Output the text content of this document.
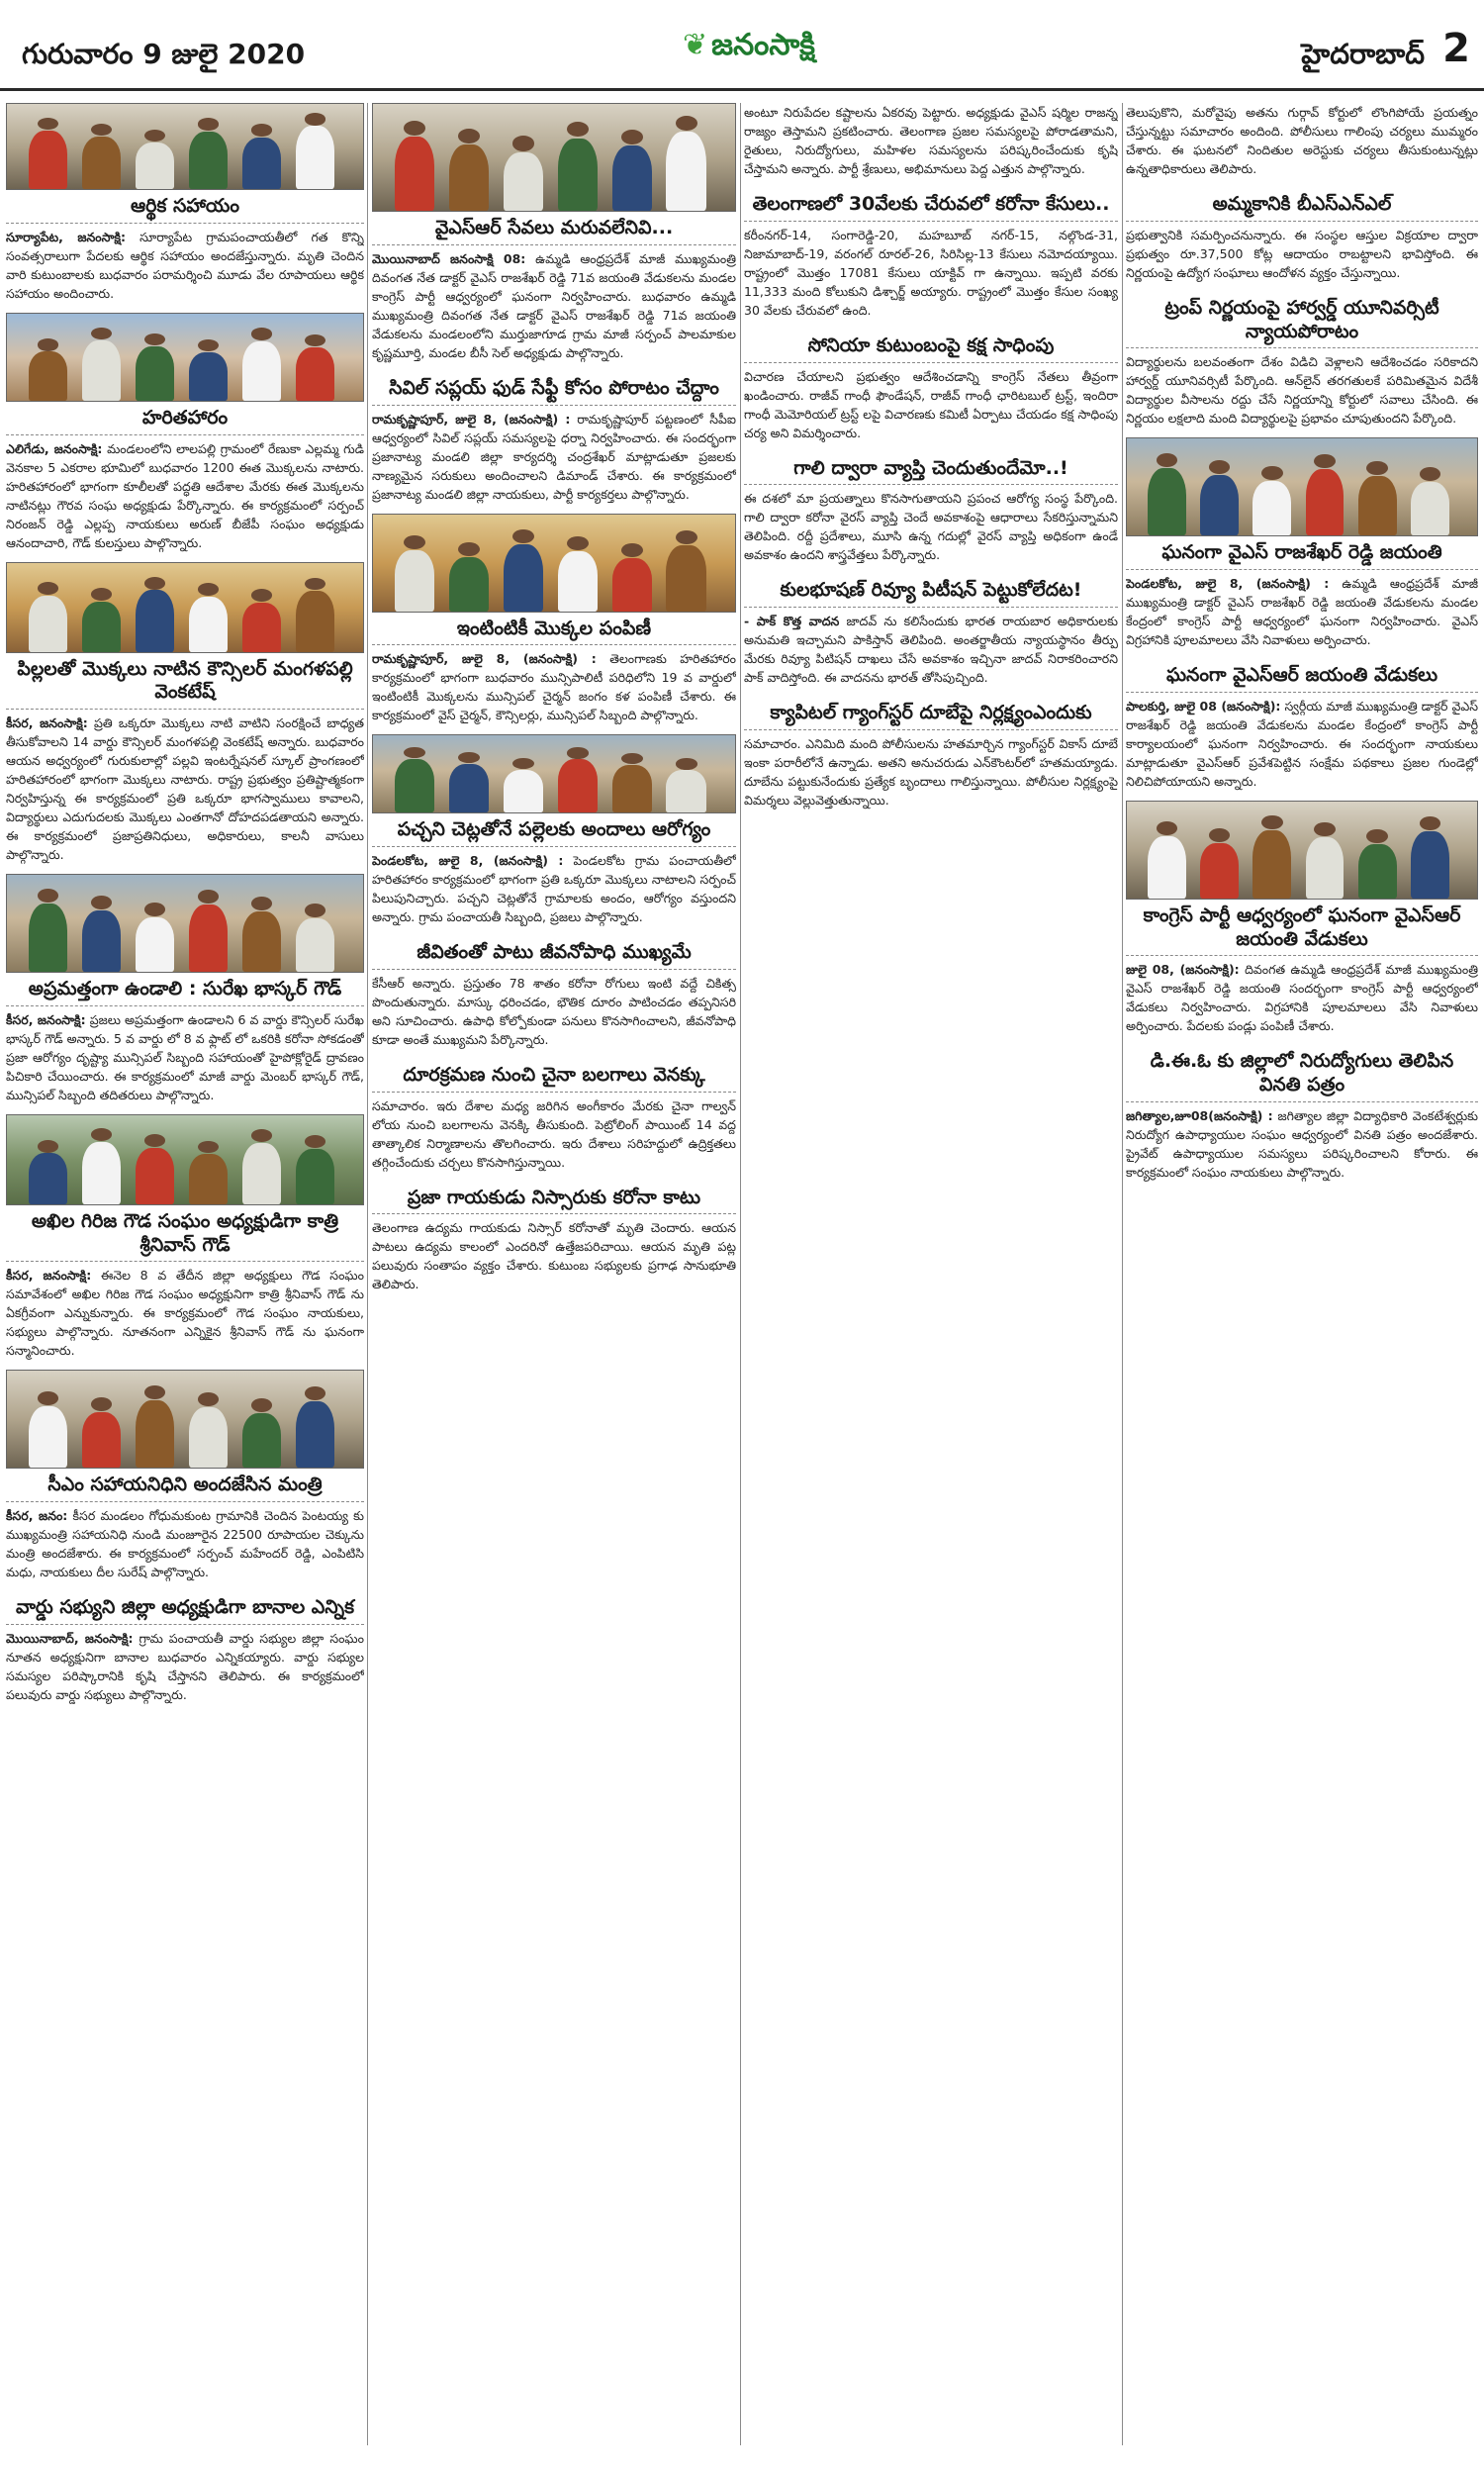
గురువారం 9 జులై 2020	❦ జనంసాక్షి	హైదరాబాద్ 2
ఆర్థిక సహాయం
సూర్యాపేట, జనంసాక్షి: సూర్యాపేట గ్రామపంచాయతీలో గత కొన్ని సంవత్సరాలుగా పేదలకు ఆర్థిక సహాయం అందజేస్తున్నారు. మృతి చెందిన వారి కుటుంబాలకు బుధవారం పరామర్శించి మూడు వేల రూపాయలు ఆర్థిక సహాయం అందించారు.
హరితహారం
ఎలిగేడు, జనంసాక్షి: మండలంలోని లాలపల్లి గ్రామంలో రేణుకా ఎల్లమ్మ గుడి వెనకాల 5 ఎకరాల భూమిలో బుధవారం 1200 ఈత మొక్కలను నాటారు. హరితహారంలో భాగంగా కూలీలతో పద్ధతి ఆదేశాల మేరకు ఈత మొక్కలను నాటినట్లు గౌరవ సంఘ అధ్యక్షుడు పేర్కొన్నారు. ఈ కార్యక్రమంలో సర్పంచ్ నిరంజన్ రెడ్డి ఎల్లప్ప నాయకులు అరుణ్ బీజేపీ సంఘం అధ్యక్షుడు ఆనందాచారి, గౌడ్ కులస్తులు పాల్గొన్నారు.
పిల్లలతో మొక్కలు నాటిన కౌన్సిలర్ మంగళపల్లి వెంకటేష్
కీసర, జనంసాక్షి: ప్రతి ఒక్కరూ మొక్కలు నాటి వాటిని సంరక్షించే బాధ్యత తీసుకోవాలని 14 వార్డు కౌన్సిలర్ మంగళపల్లి వెంకటేష్ అన్నారు. బుధవారం ఆయన అధ్వర్యంలో గురుకులాల్లో పల్లవి ఇంటర్నేషనల్ స్కూల్ ప్రాంగణంలో హరితహారంలో భాగంగా మొక్కలు నాటారు. రాష్ట్ర ప్రభుత్వం ప్రతిష్టాత్మకంగా నిర్వహిస్తున్న ఈ కార్యక్రమంలో ప్రతి ఒక్కరూ భాగస్వాములు కావాలని, విద్యార్థులు ఎదుగుదలకు మొక్కలు ఎంతగానో దోహదపడతాయని అన్నారు. ఈ కార్యక్రమంలో ప్రజాప్రతినిధులు, అధికారులు, కాలనీ వాసులు పాల్గొన్నారు.
అప్రమత్తంగా ఉండాలి : సురేఖ భాస్కర్ గౌడ్
కీసర, జనంసాక్షి: ప్రజలు అప్రమత్తంగా ఉండాలని 6 వ వార్డు కౌన్సిలర్ సురేఖ భాస్కర్ గౌడ్ అన్నారు. 5 వ వార్డు లో 8 వ ఫ్లాట్ లో ఒకరికి కరోనా సోకడంతో ప్రజా ఆరోగ్యం దృష్ట్యా మున్సిపల్ సిబ్బంది సహాయంతో హైపోక్లోరైడ్ ద్రావణం పిచికారి చేయించారు. ఈ కార్యక్రమంలో మాజీ వార్డు మెంబర్ భాస్కర్ గౌడ్, మున్సిపల్ సిబ్బంది తదితరులు పాల్గొన్నారు.
అఖిల గిరిజ గౌడ సంఘం అధ్యక్షుడిగా కాత్రి శ్రీనివాస్ గౌడ్
కీసర, జనంసాక్షి: ఈనెల 8 వ తేదీన జిల్లా అధ్యక్షులు గౌడ సంఘం సమావేశంలో అఖిల గిరిజ గౌడ సంఘం అధ్యక్షునిగా కాత్రి శ్రీనివాస్ గౌడ్ ను ఏకగ్రీవంగా ఎన్నుకున్నారు. ఈ కార్యక్రమంలో గౌడ సంఘం నాయకులు, సభ్యులు పాల్గొన్నారు. నూతనంగా ఎన్నికైన శ్రీనివాస్ గౌడ్ ను ఘనంగా సన్మానించారు.
సీఎం సహాయనిధిని అందజేసిన మంత్రి
కీసర, జనం: కీసర మండలం గోధుమకుంట గ్రామానికి చెందిన పెంటయ్య కు ముఖ్యమంత్రి సహాయనిధి నుండి మంజూరైన 22500 రూపాయల చెక్కును మంత్రి అందజేశారు. ఈ కార్యక్రమంలో సర్పంచ్ మహేందర్ రెడ్డి, ఎంపిటిసి మధు, నాయకులు దీల సురేష్ పాల్గొన్నారు.
వార్డు సభ్యుని జిల్లా అధ్యక్షుడిగా బానాల ఎన్నిక
మొయినాబాద్, జనంసాక్షి: గ్రామ పంచాయతీ వార్డు సభ్యుల జిల్లా సంఘం నూతన అధ్యక్షునిగా బానాల బుధవారం ఎన్నికయ్యారు. వార్డు సభ్యుల సమస్యల పరిష్కారానికి కృషి చేస్తానని తెలిపారు. ఈ కార్యక్రమంలో పలువురు వార్డు సభ్యులు పాల్గొన్నారు.
వైఎస్ఆర్ సేవలు మరువలేనివి...
మొయినాబాద్ జనంసాక్షి 08: ఉమ్మడి ఆంధ్రప్రదేశ్ మాజీ ముఖ్యమంత్రి దివంగత నేత డాక్టర్ వైఎస్ రాజశేఖర్ రెడ్డి 71వ జయంతి వేడుకలను మండల కాంగ్రెస్ పార్టీ ఆధ్వర్యంలో ఘనంగా నిర్వహించారు. బుధవారం ఉమ్మడి ముఖ్యమంత్రి దివంగత నేత డాక్టర్ వైఎస్ రాజశేఖర్ రెడ్డి 71వ జయంతి వేడుకలను మండలంలోని ముర్తుజాగూడ గ్రామ మాజీ సర్పంచ్ పాలమాకుల కృష్ణమూర్తి, మండల బీసీ సెల్ అధ్యక్షుడు పాల్గొన్నారు.
సివిల్ సప్లయ్ ఫుడ్ సేఫ్టీ కోసం పోరాటం చేద్దాం
రామకృష్ణాపూర్, జులై 8, (జనంసాక్షి) : రామకృష్ణాపూర్ పట్టణంలో సీపీఐ ఆధ్వర్యంలో సివిల్ సప్లయ్ సమస్యలపై ధర్నా నిర్వహించారు. ఈ సందర్భంగా ప్రజానాట్య మండలి జిల్లా కార్యదర్శి చంద్రశేఖర్ మాట్లాడుతూ ప్రజలకు నాణ్యమైన సరుకులు అందించాలని డిమాండ్ చేశారు. ఈ కార్యక్రమంలో ప్రజానాట్య మండలి జిల్లా నాయకులు, పార్టీ కార్యకర్తలు పాల్గొన్నారు.
ఇంటింటికీ మొక్కల పంపిణీ
రామకృష్ణాపూర్, జులై 8, (జనంసాక్షి) : తెలంగాణకు హరితహారం కార్యక్రమంలో భాగంగా బుధవారం మున్సిపాలిటీ పరిధిలోని 19 వ వార్డులో ఇంటింటికీ మొక్కలను మున్సిపల్ చైర్మన్ జంగం కళ పంపిణీ చేశారు. ఈ కార్యక్రమంలో వైస్ చైర్మన్, కౌన్సిలర్లు, మున్సిపల్ సిబ్బంది పాల్గొన్నారు.
పచ్చని చెట్లతోనే పల్లెలకు అందాలు ఆరోగ్యం
పెండలకోట, జులై 8, (జనంసాక్షి) : పెండలకోట గ్రామ పంచాయతీలో హరితహారం కార్యక్రమంలో భాగంగా ప్రతి ఒక్కరూ మొక్కలు నాటాలని సర్పంచ్ పిలుపునిచ్చారు. పచ్చని చెట్లతోనే గ్రామాలకు అందం, ఆరోగ్యం వస్తుందని అన్నారు. గ్రామ పంచాయతీ సిబ్బంది, ప్రజలు పాల్గొన్నారు.
జీవితంతో పాటు జీవనోపాధి ముఖ్యమే
కేసీఆర్ అన్నారు. ప్రస్తుతం 78 శాతం కరోనా రోగులు ఇంటి వద్దే చికిత్స పొందుతున్నారు. మాస్కు ధరించడం, భౌతిక దూరం పాటించడం తప్పనిసరి అని సూచించారు. ఉపాధి కోల్పోకుండా పనులు కొనసాగించాలని, జీవనోపాధి కూడా అంతే ముఖ్యమని పేర్కొన్నారు.
దూరక్రమణ నుంచి చైనా బలగాలు వెనక్కు
సమాచారం. ఇరు దేశాల మధ్య జరిగిన అంగీకారం మేరకు చైనా గాల్వన్ లోయ నుంచి బలగాలను వెనక్కి తీసుకుంది. పెట్రోలింగ్ పాయింట్ 14 వద్ద తాత్కాలిక నిర్మాణాలను తొలగించారు. ఇరు దేశాలు సరిహద్దులో ఉద్రిక్తతలు తగ్గించేందుకు చర్చలు కొనసాగిస్తున్నాయి.
ప్రజా గాయకుడు నిస్సారుకు కరోనా కాటు
తెలంగాణ ఉద్యమ గాయకుడు నిస్సార్ కరోనాతో మృతి చెందారు. ఆయన పాటలు ఉద్యమ కాలంలో ఎందరినో ఉత్తేజపరిచాయి. ఆయన మృతి పట్ల పలువురు సంతాపం వ్యక్తం చేశారు. కుటుంబ సభ్యులకు ప్రగాఢ సానుభూతి తెలిపారు.
అంటూ నిరుపేదల కష్టాలను ఏకరవు పెట్టారు. అధ్యక్షుడు వైఎస్ షర్మిల రాజన్న రాజ్యం తెస్తామని ప్రకటించారు. తెలంగాణ ప్రజల సమస్యలపై పోరాడతామని, రైతులు, నిరుద్యోగులు, మహిళల సమస్యలను పరిష్కరించేందుకు కృషి చేస్తామని అన్నారు. పార్టీ శ్రేణులు, అభిమానులు పెద్ద ఎత్తున పాల్గొన్నారు.
తెలంగాణలో 30వేలకు చేరువలో కరోనా కేసులు..
కరీంనగర్-14, సంగారెడ్డి-20, మహబూబ్ నగర్-15, నల్గొండ-31, నిజామాబాద్-19, వరంగల్ రూరల్-26, సిరిసిల్ల-13 కేసులు నమోదయ్యాయి. రాష్ట్రంలో మొత్తం 17081 కేసులు యాక్టివ్ గా ఉన్నాయి. ఇప్పటి వరకు 11,333 మంది కోలుకుని డిశ్చార్జ్ అయ్యారు. రాష్ట్రంలో మొత్తం కేసుల సంఖ్య 30 వేలకు చేరువలో ఉంది.
సోనియా కుటుంబంపై కక్ష సాధింపు
విచారణ చేయాలని ప్రభుత్వం ఆదేశించడాన్ని కాంగ్రెస్ నేతలు తీవ్రంగా ఖండించారు. రాజీవ్ గాంధీ ఫౌండేషన్, రాజీవ్ గాంధీ ఛారిటబుల్ ట్రస్ట్, ఇందిరా గాంధీ మెమోరియల్ ట్రస్ట్ లపై విచారణకు కమిటీ ఏర్పాటు చేయడం కక్ష సాధింపు చర్య అని విమర్శించారు.
గాలి ద్వారా వ్యాప్తి చెందుతుందేమో..!
ఈ దశలో మా ప్రయత్నాలు కొనసాగుతాయని ప్రపంచ ఆరోగ్య సంస్థ పేర్కొంది. గాలి ద్వారా కరోనా వైరస్ వ్యాప్తి చెందే అవకాశంపై ఆధారాలు సేకరిస్తున్నామని తెలిపింది. రద్దీ ప్రదేశాలు, మూసి ఉన్న గదుల్లో వైరస్ వ్యాప్తి అధికంగా ఉండే అవకాశం ఉందని శాస్త్రవేత్తలు పేర్కొన్నారు.
కులభూషణ్ రివ్యూ పిటీషన్ పెట్టుకోలేదట!
- పాక్ కొత్త వాదన జాదవ్ ను కలిసేందుకు భారత రాయబార అధికారులకు అనుమతి ఇచ్చామని పాకిస్తాన్ తెలిపింది. అంతర్జాతీయ న్యాయస్థానం తీర్పు మేరకు రివ్యూ పిటిషన్ దాఖలు చేసే అవకాశం ఇచ్చినా జాదవ్ నిరాకరించారని పాక్ వాదిస్తోంది. ఈ వాదనను భారత్ తోసిపుచ్చింది.
క్యాపిటల్ గ్యాంగ్‌స్టర్ దూబేపై నిర్లక్ష్యంఎందుకు
సమాచారం. ఎనిమిది మంది పోలీసులను హతమార్చిన గ్యాంగ్‌స్టర్ వికాస్ దూబే ఇంకా పరారీలోనే ఉన్నాడు. అతని అనుచరుడు ఎన్‌కౌంటర్‌లో హతమయ్యాడు. దూబేను పట్టుకునేందుకు ప్రత్యేక బృందాలు గాలిస్తున్నాయి. పోలీసుల నిర్లక్ష్యంపై విమర్శలు వెల్లువెత్తుతున్నాయి.
తెలుపుకొని, మరోవైపు అతను గుర్గావ్ కోర్టులో లొంగిపోయే ప్రయత్నం చేస్తున్నట్టు సమాచారం అందింది. పోలీసులు గాలింపు చర్యలు ముమ్మరం చేశారు. ఈ ఘటనలో నిందితుల అరెస్టుకు చర్యలు తీసుకుంటున్నట్లు ఉన్నతాధికారులు తెలిపారు.
అమ్మకానికి బీఎస్ఎన్ఎల్
ప్రభుత్వానికి సమర్పించనున్నారు. ఈ సంస్థల ఆస్తుల విక్రయాల ద్వారా ప్రభుత్వం రూ.37,500 కోట్ల ఆదాయం రాబట్టాలని భావిస్తోంది. ఈ నిర్ణయంపై ఉద్యోగ సంఘాలు ఆందోళన వ్యక్తం చేస్తున్నాయి.
ట్రంప్ నిర్ణయంపై హార్వర్డ్ యూనివర్సిటీ న్యాయపోరాటం
విద్యార్థులను బలవంతంగా దేశం విడిచి వెళ్లాలని ఆదేశించడం సరికాదని హార్వర్డ్ యూనివర్సిటీ పేర్కొంది. ఆన్‌లైన్ తరగతులకే పరిమితమైన విదేశీ విద్యార్థుల వీసాలను రద్దు చేసే నిర్ణయాన్ని కోర్టులో సవాలు చేసింది. ఈ నిర్ణయం లక్షలాది మంది విద్యార్థులపై ప్రభావం చూపుతుందని పేర్కొంది.
ఘనంగా వైఎస్ రాజశేఖర్ రెడ్డి జయంతి
పెండలకోట, జులై 8, (జనంసాక్షి) : ఉమ్మడి ఆంధ్రప్రదేశ్ మాజీ ముఖ్యమంత్రి డాక్టర్ వైఎస్ రాజశేఖర్ రెడ్డి జయంతి వేడుకలను మండల కేంద్రంలో కాంగ్రెస్ పార్టీ ఆధ్వర్యంలో ఘనంగా నిర్వహించారు. వైఎస్ విగ్రహానికి పూలమాలలు వేసి నివాళులు అర్పించారు.
ఘనంగా వైఎస్ఆర్ జయంతి వేడుకలు
పాలకుర్తి, జులై 08 (జనంసాక్షి): స్వర్గీయ మాజీ ముఖ్యమంత్రి డాక్టర్ వైఎస్ రాజశేఖర్ రెడ్డి జయంతి వేడుకలను మండల కేంద్రంలో కాంగ్రెస్ పార్టీ కార్యాలయంలో ఘనంగా నిర్వహించారు. ఈ సందర్భంగా నాయకులు మాట్లాడుతూ వైఎస్ఆర్ ప్రవేశపెట్టిన సంక్షేమ పథకాలు ప్రజల గుండెల్లో నిలిచిపోయాయని అన్నారు.
కాంగ్రెస్ పార్టీ ఆధ్వర్యంలో ఘనంగా వైఎస్ఆర్ జయంతి వేడుకలు
జులై 08, (జనంసాక్షి): దివంగత ఉమ్మడి ఆంధ్రప్రదేశ్ మాజీ ముఖ్యమంత్రి వైఎస్ రాజశేఖర్ రెడ్డి జయంతి సందర్భంగా కాంగ్రెస్ పార్టీ ఆధ్వర్యంలో వేడుకలు నిర్వహించారు. విగ్రహానికి పూలమాలలు వేసి నివాళులు అర్పించారు. పేదలకు పండ్లు పంపిణీ చేశారు.
డి.ఈ.ఓ కు జిల్లాలో నిరుద్యోగులు తెలిపిన వినతి పత్రం
జగిత్యాల,జూ08(జనంసాక్షి) : జగిత్యాల జిల్లా విద్యాధికారి వెంకటేశ్వర్లుకు నిరుద్యోగ ఉపాధ్యాయుల సంఘం ఆధ్వర్యంలో వినతి పత్రం అందజేశారు. ప్రైవేట్ ఉపాధ్యాయుల సమస్యలు పరిష్కరించాలని కోరారు. ఈ కార్యక్రమంలో సంఘం నాయకులు పాల్గొన్నారు.
